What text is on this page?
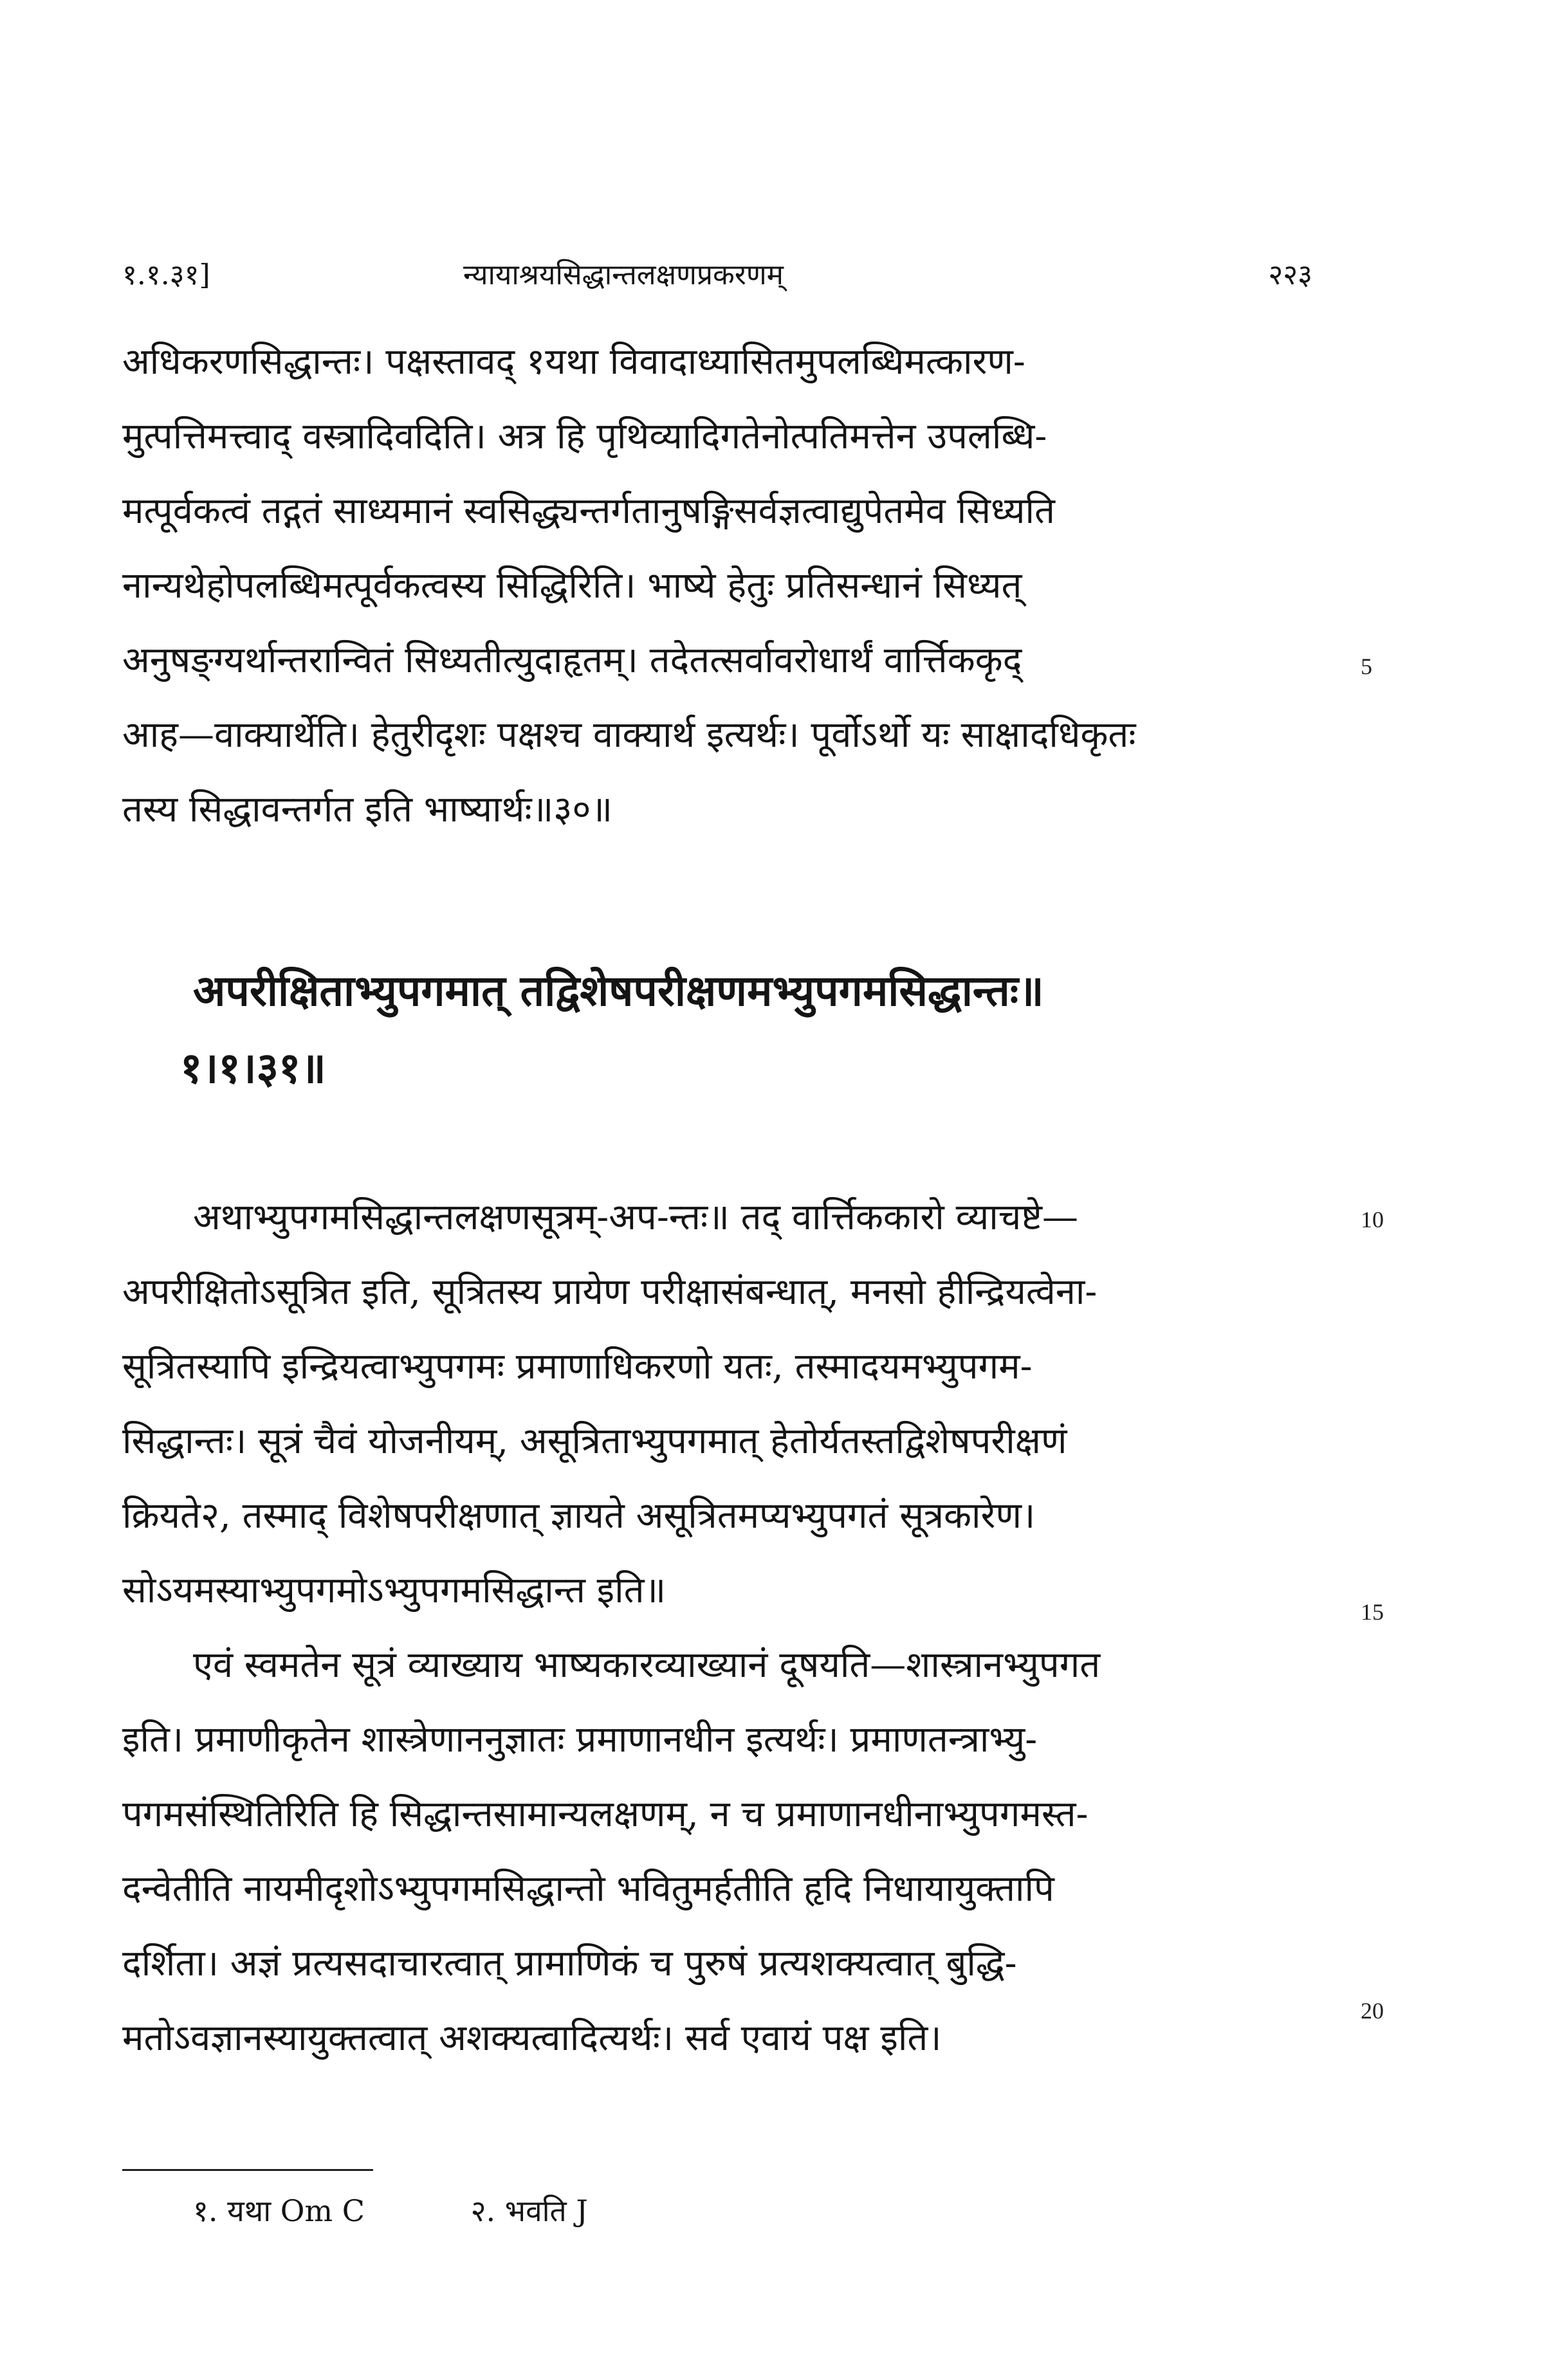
१.१.३१]	न्यायाश्रयसिद्धान्तलक्षणप्रकरणम्	२२३
अधिकरणसिद्धान्तः। पक्षस्तावद् १यथा विवादाध्यासितमुपलब्धिमत्कारण-
मुत्पत्तिमत्त्वाद् वस्त्रादिवदिति। अत्र हि पृथिव्यादिगतेनोत्पतिमत्तेन उपलब्धि-
मत्पूर्वकत्वं तद्गतं साध्यमानं स्वसिद्ध्यन्तर्गतानुषङ्गिसर्वज्ञत्वाद्युपेतमेव सिध्यति
नान्यथेहोपलब्धिमत्पूर्वकत्वस्य सिद्धिरिति। भाष्ये हेतुः प्रतिसन्धानं सिध्यत्
अनुषङ्ग्यर्थान्तरान्वितं सिध्यतीत्युदाहृतम्। तदेतत्सर्वावरोधार्थं वार्त्तिककृद्
आह—वाक्यार्थेति। हेतुरीदृशः पक्षश्च वाक्यार्थ इत्यर्थः। पूर्वोऽर्थो यः साक्षादधिकृतः
तस्य सिद्धावन्तर्गत इति भाष्यार्थः॥३०॥
5
अपरीक्षिताभ्युपगमात् तद्विशेषपरीक्षणमभ्युपगमसिद्धान्तः॥
१।१।३१॥
अथाभ्युपगमसिद्धान्तलक्षणसूत्रम्-अप-न्तः॥ तद् वार्त्तिककारो व्याचष्टे—
अपरीक्षितोऽसूत्रित इति, सूत्रितस्य प्रायेण परीक्षासंबन्धात्, मनसो हीन्द्रियत्वेना-
सूत्रितस्यापि इन्द्रियत्वाभ्युपगमः प्रमाणाधिकरणो यतः, तस्मादयमभ्युपगम-
सिद्धान्तः। सूत्रं चैवं योजनीयम्, असूत्रिताभ्युपगमात् हेतोर्यतस्तद्विशेषपरीक्षणं
क्रियते२, तस्माद् विशेषपरीक्षणात् ज्ञायते असूत्रितमप्यभ्युपगतं सूत्रकारेण।
सोऽयमस्याभ्युपगमोऽभ्युपगमसिद्धान्त इति॥
एवं स्वमतेन सूत्रं व्याख्याय भाष्यकारव्याख्यानं दूषयति—शास्त्रानभ्युपगत
इति। प्रमाणीकृतेन शास्त्रेणाननुज्ञातः प्रमाणानधीन इत्यर्थः। प्रमाणतन्त्राभ्यु-
पगमसंस्थितिरिति हि सिद्धान्तसामान्यलक्षणम्, न च प्रमाणानधीनाभ्युपगमस्त-
दन्वेतीति नायमीदृशोऽभ्युपगमसिद्धान्तो भवितुमर्हतीति हृदि निधायायुक्तापि
दर्शिता। अज्ञं प्रत्यसदाचारत्वात् प्रामाणिकं च पुरुषं प्रत्यशक्यत्वात् बुद्धि-
मतोऽवज्ञानस्यायुक्तत्वात् अशक्यत्वादित्यर्थः। सर्व एवायं पक्ष इति।
10
15
20
१. यथा Om C	२. भवति J
